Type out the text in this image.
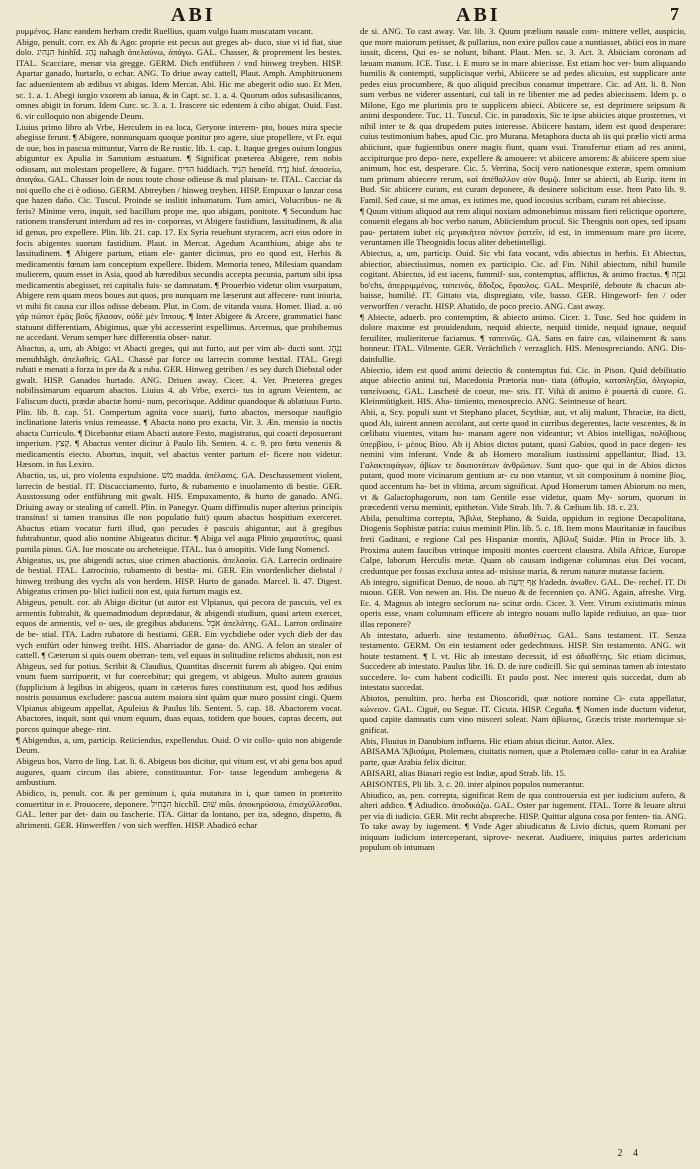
ABI	ABI	7

ρυμμένος. Hanc eandem herbam credit Ruellius, quam vulgo Iuam muscatam vocant.

Abigo, penult. corr. ex Ab & Ago: proprie est pecus aut greges ab- duco, siue vi id fiat, siue dolo. הִנְהִיג hinhîd. נָהַג nahagh ἀπελαύνω, ἀπάγω. GAL. Chasser, & proprement les bestes. ITAL. Scacciare, menar via gregge. GERM. Dich entführen / vnd hinweg treyben. HISP. Apartar ganado, hurtarlo, o echar. ANG. To driue away cattell, Plaut. Amph. Amphitruonem fac aduenientem ab ædibus vt abigas. Idem Mercat. Abi. Hic me abegerit odio suo. Et Men. sc. 1. a. 1. Abegi iurgio vxorem ab ianua, & in Capt. sc. 1. a. 4. Quorum odos subsasilicanos, omnes abigit in forum. Idem Curc. sc. 3. a. 1. Irascere sic edentem à cibo abigat. Ouid. Fast. 6. vir colloquio non abigende Deum.

Liuius primo libro ab Vrbe, Herculem in ea loca, Geryone interem- pto, boues mira specie abegisse ferunt. ¶ Abigere, nonnunquam quoque ponitur pro agere, siue propellere, vt Fr. equi de oue, bos in pascua mittuntur, Varro de Re rustic. lib. 1. cap. 1. Itaque greges ouium longius abiguntur ex Apulia in Samnium æstuatum. ¶ Significat præterea Abigere, rem nobis odiosam, aut molestam propellere, & fugare. הִדִּיחַ hiddiach. הֵנִיד heneîd. נָדַח hisf. ἀποσείω, ἀπαγάω. GAL. Chasser loin de nous toute chose odieuse & mal plaisan- te. ITAL. Cacciar da noi quello che ci è odioso. GERM. Abtreyben / hinweg treyben. HISP. Empuxar o lanzar cosa que hazen daño. Cic. Tuscul. Proinde se inslitit inhumatum. Tum amici, Volucribus- ne & feris? Minime vero, inquit, sed bacillum prope me, quo abigam, ponitote. ¶ Secundum hac rationem transferunt interdum ad res in- corporeas, vt Abigere fastidium, lassitudinem, & alia id genus, pro expellere. Plin. lib. 21. cap. 17. Ex Syria reuehunt styracem, acri eius odore in focis abigentes suorum fastidium. Plaut. in Mercat. Agedum Acanthium, abige abs te lassitudinem. ¶ Abigere partum, etiam ele- ganter dicimus, pro eo quod est, Herbis & medicamentis fœtum iam conceptum expellere. Ibidem. Memoria teneo, Milesiam quandam mulierem, quum esset in Asia, quod ab hæredibus secundis accepta pecunia, partum sibi ipsa medicamentis abegisset, rei capitalis fuis- se damnatam. ¶ Prouerbio videtur olim vsurpatum, Abigere rem quam meos boues aut quos, pro nunquam me læserunt aut affecere- runt iniuria, vt mihi fit causa cur illos odisse debeam. Plut. in Com. de vitanda vsura. Homer. Iliad. a. οὐ γάρ πώποτ ἐμὰς βοῦς ἤλασαν, οὐδὲ μὲν ἵππους. ¶ Inter Abigere & Arcere, grammatici hanc statuunt differentiam, Abigimus, quæ ybi accesserint expellimus. Arcemus, que prohibemus ne accedant. Verum semper hæc differentia obser- natur.

Abactus, a, um, ab Abigo: vt Abacti greges, qui aut furto, aut per vim ab- ducti sunt. נִנְהָג menuhhâgh. ἀπελαθείς. GAL. Chassé par force ou larrecin comme bestial. ITAL. Gregi rubati e menati a forza in pre da & a ruba. GER. Hinweg getriben / es sey durch Diebstal oder gwalt. HISP. Ganados hurtado. ANG. Driuen away. Cicer. 4. Ver. Præterea greges nobilissimarum equarum abactos. Liuius 4. ab Vrbe, exerci- tus in agrum Veientem, ac Faliscum ducti, prædæ abactæ homi- num, pecorisque. Additur quandoque & ablatiuus Furto. Plin. lib. 8. cap. 51. Compertum agnita voce suarij, furto abactos, mersoque naufigio inclinatione lateris vnius remeasse. ¶ Abacta nono pro exacta, Vir. 3. Æn. mensio ia noctis abacta Curriculo. ¶ Dicebantur etiam Abacti autore Festo, magistratus, qui coacti deposuerant imperium. קָצַץ. ¶ Abactus venter dicitur à Paulo lib. Senten. 4. c. 9. pro fœtu venenis & medicamentis eiecto. Abortus, inquit, vel abactus venter partum ef- ficere non videtur. Hæsom. in fus Lexiro.

Abactio, us, ui, pro violenta expulsione. מֹשׁ madda. ἀπέλασις. GA. Deschassement violent, larrecin de bestial. IT. Discacciamento, furto, & rubamento e inuolamento di bestie. GER. Ausstossung oder entführung mit gwalt. HIS. Empuxamento, & hurto de ganado. ANG. Driuing away or stealing of cattell. Plin. in Panegyr. Quam diffimulis nuper alterius principis transitus! si tamen transitus ille non populatio fuit) quum abactus hospitium exerceret. Abactus etiam vocatur furti illud, quo pecudes è pascuis abiguntur, aut à gregibus fubtrahuntur, quod alio nomine Abigeatus dicitur. ¶ Abiga vel auga Plinio χαμαιπίτυς, quasi pumila pinus. GA. Iue moscate ou archeteique. ITAL. Iua ò amopitis. Vide Iung Nomencl.

Abigeatus, us, pse abigendi actus, siue crimen abactionis. ἀπελασία. GA. Larrecin ordinaire de bestial. ITAL. Latrocinio, rubamento di bestia- mi. GER. Ein vnordenlicher diebstal / hinweg treibung des vychs als von herdem. HISP. Hurto de ganado. Marcel. li. 47. Digest. Abigeatus crimen pu- blici iudicii non est, quia furtum magis est.

Abigeus, penult. cor. ab Abigo dicitur (ut autor est Vlpianus, qui pecora de pascuis, vel ex armentis fubtrahit, & quemadmodum deprædatur, & abigendi studium, quasi artem exercet, equos de armentis, vel o- ues, de gregibus abducens. אֹבֵל ἀπελάτης. GAL. Larron ordinaire de be- stial. ITA. Ladro rubatore di bestiami. GER. Ein vychdiebe oder vych dieb der das vych entfürt oder hinweg treibt. HIS. Abarriador de gana- do. ANG. A felon an stealer of cattell. ¶ Cæterum si quis ouem oberran- tem, vel equos in solitudine relictos abduxit, non est Abigeus, sed fur potius. Scribit & Claudius, Quantitas discernit furem ab abigeo. Qui enim vnum fuem surripuerit, vt fur coercebitur; qui gregem, vt abigeus. Multo autem grauius (fupplicium à legibus in abigeos, quam in cæteros fures constitutum est, quod hos ædibus nostris possumus excludere: pascua autem maiora sint quàm quæ muro possint cingi. Quem Vlpianus abigeum appellat, Apuleius & Paulus lib. Sentent. 5. cap. 18. Abactorem vocat. Abactores, inquit, sunt qui vnum equum, duas equas, totidem que boues, capras decem, aut porcos quinque abege- rint.

¶ Abigendus, a, um, particip. Reiiciendus, expellendus. Ouid. O vir collo- quio non abigende Deum.

Abigeus bos, Varro de ling. Lat. li. 6. Abigeus bos dicitur, qui vitum est, vt abi gena bos apud augures, quam circum ilas abiere, constituuntur. For- tasse legendum ambegena & ambustium.

Abidico, is, penult. cor. & per geminum i, quia mutatura in i, quæ tamen in præterito conuertitur in e. Prouocere, deponere. הִכְּחִיל hicchîl. שׁוּם mûs. ἀποκηρύσσω, ἐπισχύλλεσθαι. GAL. letter par det- dain ou fascherie. ITA. Gittar da lontano, per ira, sdegno, dispetto, & altrimenti. GER. Hinwerffen / von sich werffen. HISP. Abadicó echar

de si. ANG. To cast away. Var. lib. 3. Quum prælium nauale com- mittere vellet, auspicio, que more maiorum petisset, & pullarius, non exire pullos caue a nuntiasset, abiici eos in mare iussit, dicens, Qui es- se nolunt, bibant. Plaut. Men. sc. 3. Act. 3. Abiiciam coronam ad læuam manum. ICE. Tusc. i. E muro se in mare abiecisse. Est etiam hoc ver- bum aliquando humilis & contempti, supplicisque verbi, Abiicere se ad pedes alicuius, est supplicare ante pedes eius procumbere, & quo aliquid precibus conamur impetrare. Cic. ad Att. li. 8. Non sum verbus ne viderer assentari, cui tali in re libenter me ad pedes abiecissem. Idem p. o Milone, Ego me plurimis pro te supplicem abieci. Abiicere se, est deprimere seipsum & animi despondere. Tuc. 11. Tuscul. Cic. in paradoxis, Sic te ipse abiicies atque prosternes, vt nihil inter te & qua drupedem putes interesse. Abiicere hastam, idem est quod desperare: cuius testimonium habes, apud Cic. pro Murana. Metaphora ducta ab iis qui prælio victi arma abiiciunt, quæ fugientibus onere magis fiunt, quam vsui. Transfertur etiam ad res animi, accipiturque pro depo- nere, expellere & amouere: vt abiicere amorem: & abiicere spem siue animum, hoc est, desperare. Cic. 5. Verrina, Socij vero nationesque exteræ, spem omnium tum primum abiecere rerum, καὶ ἀπέθαλλον σὺν θυμῷ. Inter se abiecti, ab Eurip. item in Bud. Sic abiicere curam, est curam deponere, & desinere solicitum esse. Item Pato lib. 9. Famil. Sed caue, si me amas, ex istimes me, quod iocosius scribam, curam rei abiecisse.

¶ Quum vitium aliquod aut rem aliqui noxiam admonebimus missam fieri relictique oportere, conuenit elegans ab hoc verbo natum, Abiiciendum procul. Sic Theognis non opes, sed ipsam pau- pertatem iubet εἰς μεγακήτεα πόντον ῥιπτεῖν, id est, in immensum mare pro iicere, veruntamen ille Theognidis locus aliter debetintelligi.

Abiectus, a, um, particip. Ouid. Sic vbi fata vocant, vdis abiectus in herbis. Et Abiectus, abiectior, abiectissimus, nomen ex participio. Cic. ad Fin. Nihil abiectum, nihil humile cogitant. Abiectus, id est iacens, fummif- sus, contemptus, afflictus, & animo fractus. ¶ נִבְזֶה bo'chs, ἀπερριμμένος, ταπεινός, ἄδοξος, ἔφαυλος. GAL. Mespriſé, deboute & chacun ab- baisse, humilié. IT. Gittato via, dispregiato, vile, basso. GER. Hingeworf- fen / oder verworffen / veracht. HISP. Abatido, de poco precio. ANG. Cast away.

¶ Abiecte, aduerb. pro contemptim, & abiecto animo. Cicer. 1. Tusc. Sed hoc quidem in dolore maxime est prouidendum, nequid abiecte, nequid timide, nequid ignaue, nequid feruiliter, mulieriterue faciamus. ¶ ταπεινῶς. GA. Sans en faire cas, vilainement & sans honneur. ITAL. Vilmente. GER. Verächtlich / verzaglich. HIS. Menospreciando. ANG. Dis- dainfullie.

Abiectio, idem est quod animi deiectio & contemptus fui. Cic. in Pison. Quid debilitatio atque abiectio animi tui, Macedonia Prætoria nun- tiata (ἀθυμία, καταπληξία, ὀλιγωρία, ταπείνωσις. GAL. Laschetè de coeur, me- sris. IT. Viltà di animo è pouertà di cuore. G. Kleinmütigkeit. HIS. Aba- timiento, menosprecio. ANG. Seintnesse of heart.

Abii, a, Scy. populi sunt vt Stephano placet, Scythiæ, aut, vt alij malunt, Thraciæ, ita dicti, quod Ab, iuirent annem accolant, aut certe quod in curribus degerentes, lacte vescentes, & in cælibatu viuentes, vitam hu- manam agere non videantur; vt Abios intelligas, πολύβιους ὑπερβίου, ἰ- μέους Βίου. Ab ij Abios dictos putant, quasi Gabios, quod in pace degen- tes nemini vim inferant. Vnde & ab Homero moralium iustissimi appellantur, Iliad. 13. Γαλακτοφάγων, ἀβίων τε δικαιοτάτων ἀνθρώπων. Sunt quo- que qui in de Abios dictos putant, quod more vicinarum gentium ar- cu non vtantur, vt sit compositum à nomine βίος, quod accentum ha- bet in vltima, arcum significat. Apud Homerum tamen Abiorum no men, vt & Galactophagorum, non tam Gentile esse videtur, quam My- sorum, quorum in præcedenti versu meminit, epitheton. Vide Strab. lib. 7. & Cælium lib. 18. c. 23.

Abila, penultima correpta, Ἄβιλα, Stephano, & Suida, oppidum in regione Decapolitana, Diogenis Sophistæ patria: cuius meminit Plin. lib. 5. c. 18. Item mons Mauritaniæ in faucibus freti Gaditani, e regione Cal pes Hispaniæ montis, Ἀβίλυξ Suidæ. Plin in Proce lib. 3. Proxima autem faucibus vtrinque impositi montes coercent claustra. Abila Africæ, Europæ Calpe, laborum Herculis metæ. Quam ob causam indigenæ columnas eius Dei vocant, creduntque per fossas exclusa antea ad- misisse maria, & rerum naturæ mutasse faciem.

Ab integro, significat Denuo, de nouo. ab אַף יְדִעָה h'adedn. ἀνωθεν. GAL. De- rechef. IT. Di nuouo. GER. Von newen an. His. De nueuo & de fecennien ço. ANG. Again, afreshe. Virg. Ec. 4. Magnus ab integro seclorum na- scitur ordo. Cicer. 3. Verr. Vtrum existimatis minus operis esse, vnam columnam efficere ab integro nouam nullo lapide rediuiuo, an qua- tuor illas reponere?

Ab intestato, aduerb. sine testamento. ἀδιαθέτως. GAL. Sans testament. IT. Senza testamento. GERM. On ein testament oder gedechtnuss. HISP. Sin testamento. ANG. wit houte testament. ¶ I. vt. Hic ab intestato decessit, id est ἀδιαθέτης. Sic etiam dicimus, Succedere ab intestato. Paulus libr. 16. D. de iure codicill. Sic qui seminas tamen ab intestato succedere. lo- cum habent codicilli. Et paulo post. Nec interest quis succedat, dum ab intestato succedat.

Abiotos, penultim. pro. herba est Dioscoridi, quæ notiore nomine Ci- cuta appellatur, κώνειον. GAL. Ciguë, ou Segue. IT. Cicuta. HISP. Ceguña. ¶ Nomen inde ductum videtur, quod capite damnatis cum vino misceri soleat. Nam ἀβίωτος, Græcis triste mortemque si- gnificat.

Abis, Fluuius in Danubium influens. Hic etiam abius dicitur. Autor. Alex.

ABISAMA Ἄβισάμα, Ptolemæo, ciuitatis nomen, quæ a Ptolemæo collo- catur in ea Arabiæ parte, quæ Arabia felix dicitur.

ABISARI, alias Biasari regio est Indiæ, apud Strab. lib. 15.

ABISONTES, Pli lib. 3. c. 20. inter alpinos populos numerantur.

Abiudico, as, pen. correpta, significat Rem de qua controuersia est per iudicium aufero, & alteri addico. ¶ Adiudico. ἀποδικάζω. GAL. Oster par iugement. ITAL. Torre & leuare altrui per via di iudicio. GER. Mit recht abspreche. HISP. Quittar alguna cosa por fenten- tia. ANG. To take away by iugement. ¶ Vnde Ager abiudicatus & Livio dictus, quem Romani per iniquum iudicium interceperant, siprove- nexerat. Audiuere, iniquius partes ardericium populum ob intumam

2 4
